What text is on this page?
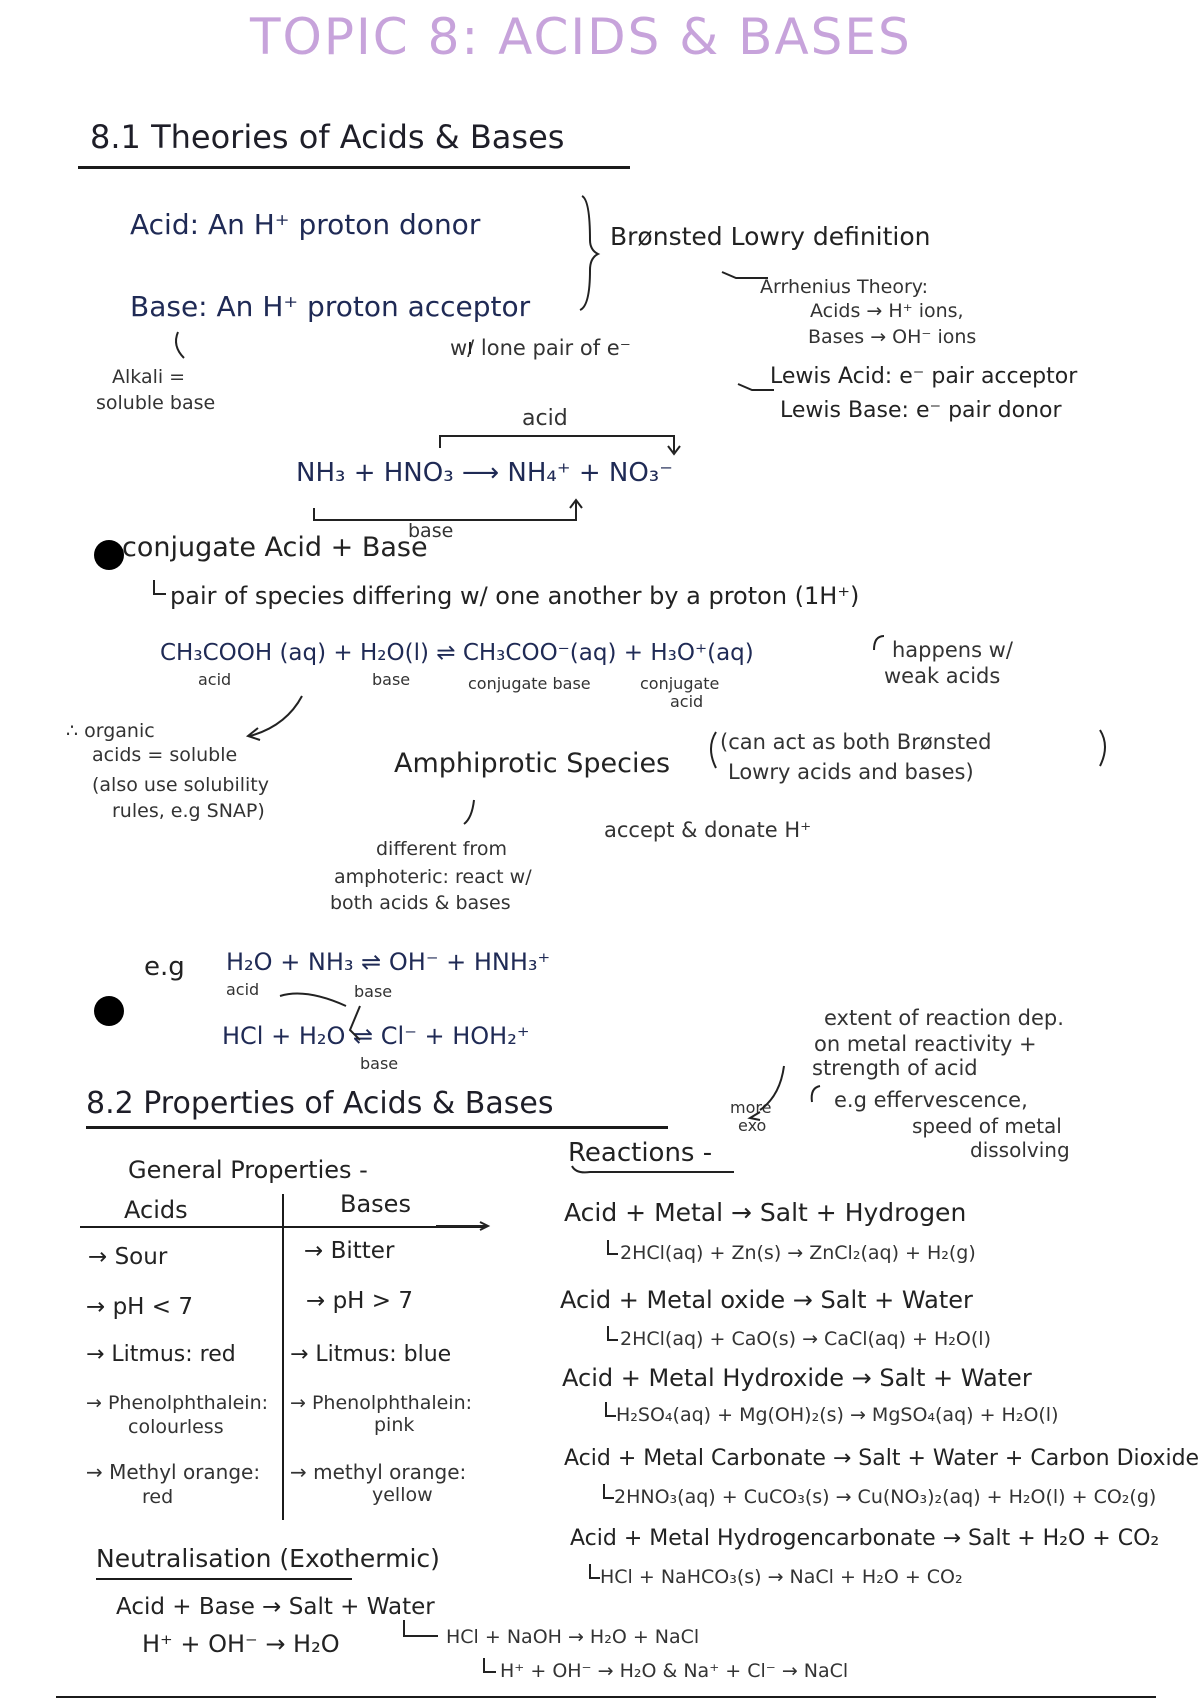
TOPIC 8: ACIDS & BASES
8.1 Theories of Acids & Bases
Acid: An H⁺ proton donor
Base: An H⁺ proton acceptor
w/ lone pair of e⁻
Brønsted Lowry definition
Arrhenius Theory:
Acids → H⁺ ions,
Bases → OH⁻ ions
Lewis Acid: e⁻ pair acceptor
Lewis Base: e⁻ pair donor
Alkali =
soluble base
acid
NH₃ + HNO₃ ⟶ NH₄⁺ + NO₃⁻
base
conjugate Acid + Base
pair of species differing w/ one another by a proton (1H⁺)
CH₃COOH (aq) + H₂O(l) ⇌ CH₃COO⁻(aq) + H₃O⁺(aq)
acid	base	conjugate base	conjugate
acid
happens w/
weak acids
∴ organic
acids = soluble
(also use solubility
rules, e.g SNAP)
Amphiprotic Species
(can act as both Brønsted
Lowry acids and bases)
accept & donate H⁺
different from
amphoteric: react w/
both acids & bases
e.g H₂O + NH₃ ⇌ OH⁻ + HNH₃⁺
acid	base
HCl + H₂O ⇌ Cl⁻ + HOH₂⁺
base
8.2 Properties of Acids & Bases
extent of reaction dep.
on metal reactivity +
strength of acid
more
exo
e.g effervescence,
speed of metal
dissolving
General Properties -
Acids	Bases
→ Sour	→ Bitter
→ pH < 7	→ pH > 7
→ Litmus: red → Litmus: blue
→ Phenolphthalein: → Phenolphthalein:
colourless	pink
→ Methyl orange: → methyl orange:
red	yellow
Reactions -
Acid + Metal → Salt + Hydrogen
2HCl(aq) + Zn(s) → ZnCl₂(aq) + H₂(g)
Acid + Metal oxide → Salt + Water
2HCl(aq) + CaO(s) → CaCl(aq) + H₂O(l)
Acid + Metal Hydroxide → Salt + Water
H₂SO₄(aq) + Mg(OH)₂(s) → MgSO₄(aq) + H₂O(l)
Acid + Metal Carbonate → Salt + Water + Carbon Dioxide
2HNO₃(aq) + CuCO₃(s) → Cu(NO₃)₂(aq) + H₂O(l) + CO₂(g)
Acid + Metal Hydrogencarbonate → Salt + H₂O + CO₂
HCl + NaHCO₃(s) → NaCl + H₂O + CO₂
Neutralisation (Exothermic)
Acid + Base → Salt + Water
H⁺ + OH⁻ → H₂O	HCl + NaOH → H₂O + NaCl
H⁺ + OH⁻ → H₂O & Na⁺ + Cl⁻ → NaCl
